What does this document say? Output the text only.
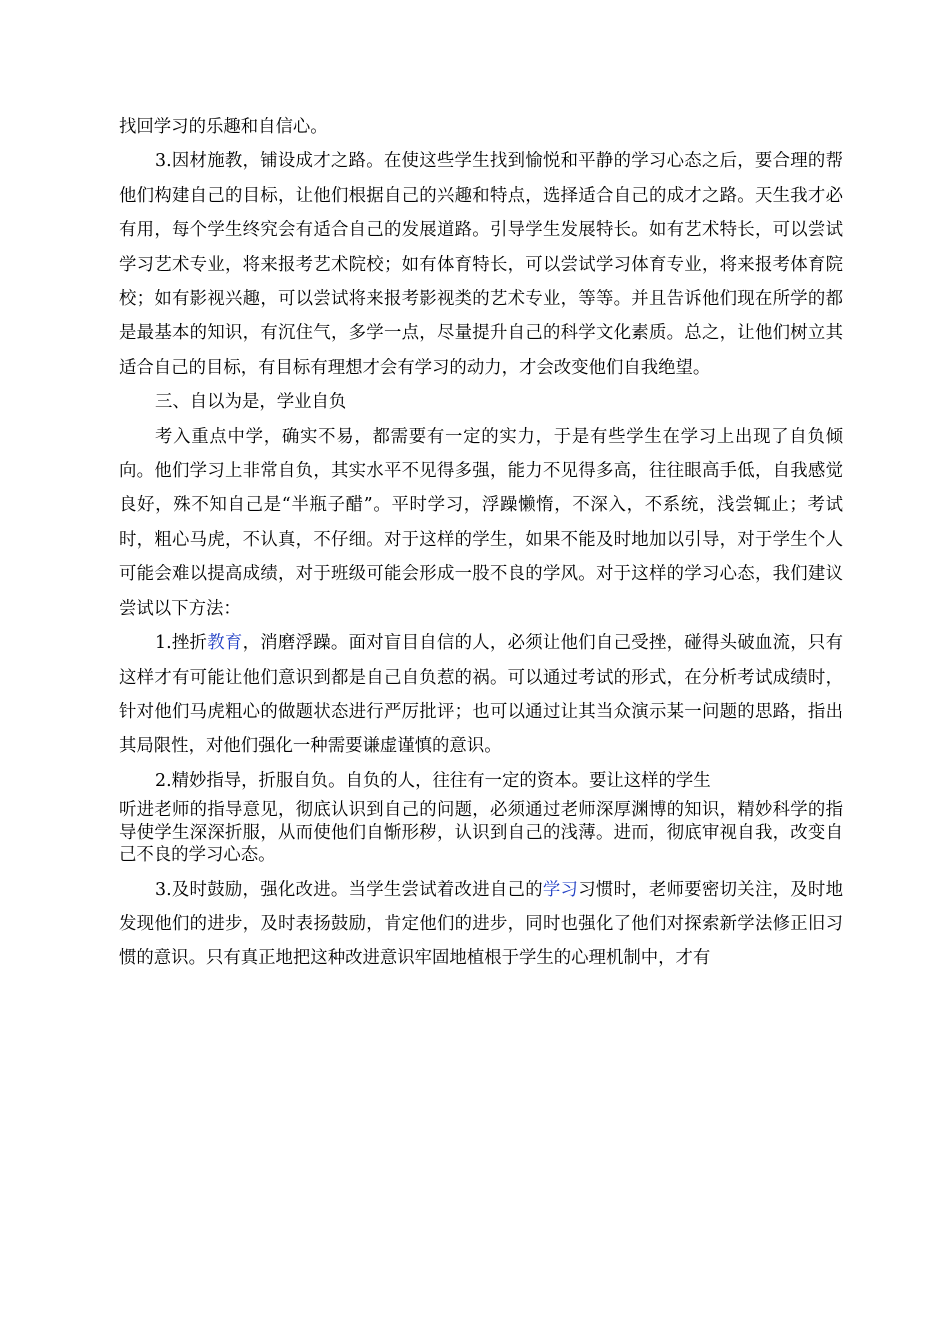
找回学习的乐趣和自信心。

3.因材施教，铺设成才之路。在使这些学生找到愉悦和平静的学习心态之后，要合理的帮他们构建自己的目标，让他们根据自己的兴趣和特点，选择适合自己的成才之路。天生我才必有用，每个学生终究会有适合自己的发展道路。引导学生发展特长。如有艺术特长，可以尝试学习艺术专业，将来报考艺术院校；如有体育特长，可以尝试学习体育专业，将来报考体育院校；如有影视兴趣，可以尝试将来报考影视类的艺术专业，等等。并且告诉他们现在所学的都是最基本的知识，有沉住气，多学一点，尽量提升自己的科学文化素质。总之，让他们树立其适合自己的目标，有目标有理想才会有学习的动力，才会改变他们自我绝望。

三、自以为是，学业自负

考入重点中学，确实不易，都需要有一定的实力，于是有些学生在学习上出现了自负倾向。他们学习上非常自负，其实水平不见得多强，能力不见得多高，往往眼高手低，自我感觉良好，殊不知自己是“半瓶子醋”。平时学习，浮躁懒惰，不深入，不系统，浅尝辄止；考试时，粗心马虎，不认真，不仔细。对于这样的学生，如果不能及时地加以引导，对于学生个人可能会难以提高成绩，对于班级可能会形成一股不良的学风。对于这样的学习心态，我们建议尝试以下方法：

1.挫折教育，消磨浮躁。面对盲目自信的人，必须让他们自己受挫，碰得头破血流，只有这样才有可能让他们意识到都是自己自负惹的祸。可以通过考试的形式，在分析考试成绩时，针对他们马虎粗心的做题状态进行严厉批评；也可以通过让其当众演示某一问题的思路，指出其局限性，对他们强化一种需要谦虚谨慎的意识。

2.精妙指导，折服自负。自负的人，往往有一定的资本。要让这样的学生

听进老师的指导意见，彻底认识到自己的问题，必须通过老师深厚渊博的知识，精妙科学的指导使学生深深折服，从而使他们自惭形秽，认识到自己的浅薄。进而，彻底审视自我，改变自己不良的学习心态。

3.及时鼓励，强化改进。当学生尝试着改进自己的学习习惯时，老师要密切关注，及时地发现他们的进步，及时表扬鼓励，肯定他们的进步，同时也强化了他们对探索新学法修正旧习惯的意识。只有真正地把这种改进意识牢固地植根于学生的心理机制中，才有
